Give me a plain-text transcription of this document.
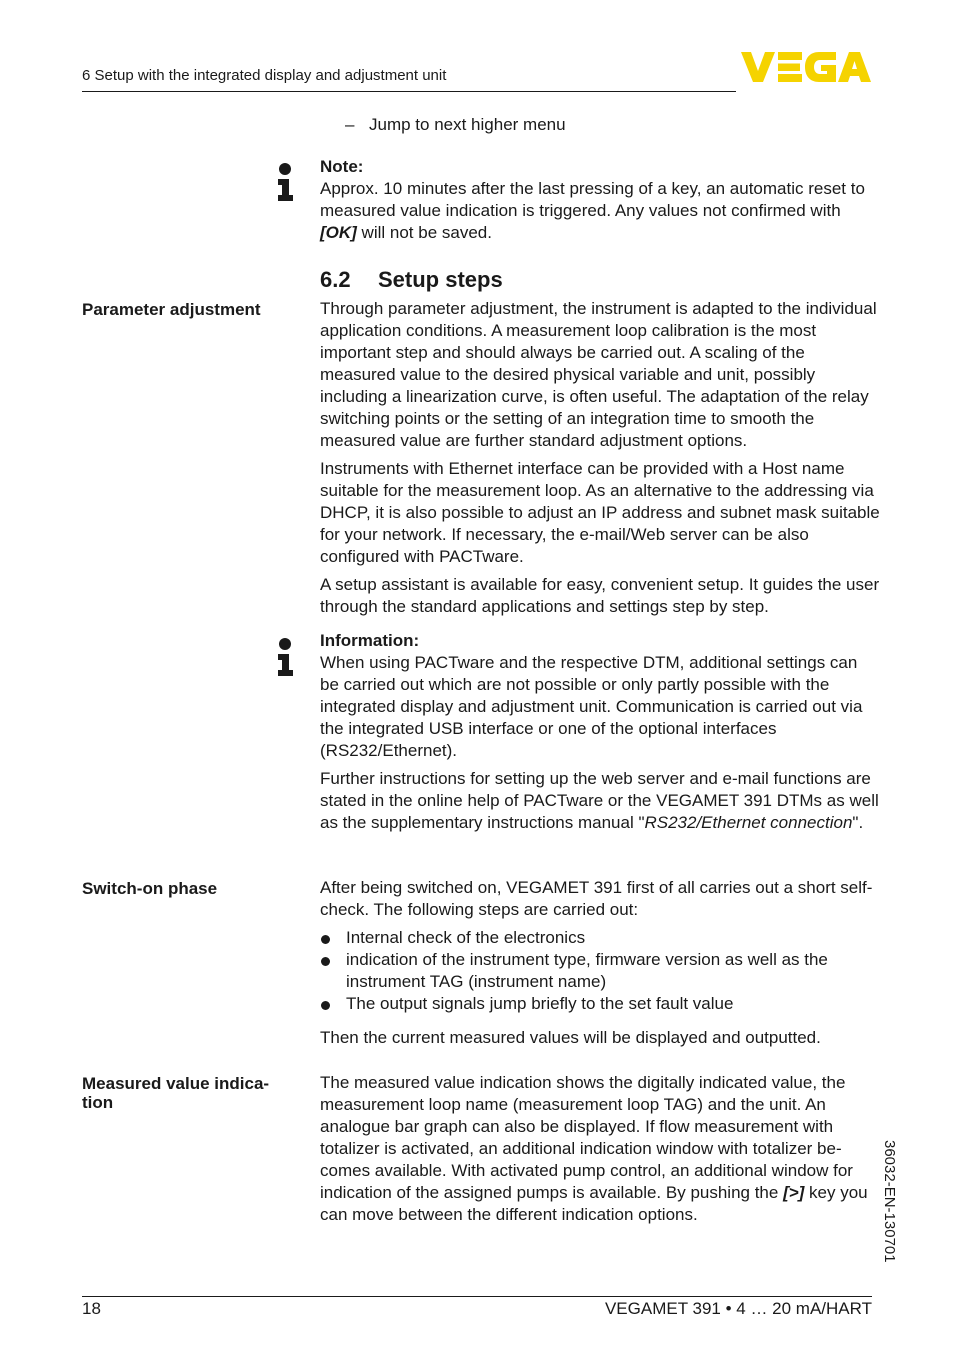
6 Setup with the integrated display and adjustment unit
– Jump to next higher menu

Note:

Approx. 10 minutes after the last pressing of a key, an automatic reset to measured value indication is triggered. Any values not confirmed with [OK] will not be saved.

6.2 Setup steps
Parameter adjustment	Through parameter adjustment, the instrument is adapted to the individual application conditions. A measurement loop calibration is the most important step and should always be carried out. A scaling of the measured value to the desired physical variable and unit, possibly including a linearization curve, is often useful. The adaptation of the relay switching points or the setting of an integration time to smooth the measured value are further standard adjustment options.

Instruments with Ethernet interface can be provided with a Host name suitable for the measurement loop. As an alternative to the addressing via DHCP, it is also possible to adjust an IP address and subnet mask suitable for your network. If necessary, the e-mail/Web server can be also configured with PACTware.

A setup assistant is available for easy, convenient setup. It guides the user through the standard applications and settings step by step.

Information:

When using PACTware and the respective DTM, additional settings can be carried out which are not possible or only partly possible with the integrated display and adjustment unit. Communication is carried out via the integrated USB interface or one of the optional interfaces (RS232/Ethernet).

Further instructions for setting up the web server and e-mail functions are stated in the online help of PACTware or the VEGAMET 391 DTMs as well as the supplementary instructions manual "RS232/Ethernet connection".

Switch-on phase	After being switched on, VEGAMET 391 first of all carries out a short self-check. The following steps are carried out:

Internal check of the electronics
indication of the instrument type, firmware version as well as the instrument TAG (instrument name)
The output signals jump briefly to the set fault value

Then the current measured values will be displayed and outputted.

Measured value indication

The measured value indication shows the digitally indicated value, the measurement loop name (measurement loop TAG) and the unit. An analogue bar graph can also be displayed. If flow measurement with totalizer is activated, an additional indication window with totalizer becomes available. With activated pump control, an additional window for indication of the assigned pumps is available. By pushing the [>] key you can move between the different indication options.	36032-EN-130701
18	VEGAMET 391 • 4 … 20 mA/HART
